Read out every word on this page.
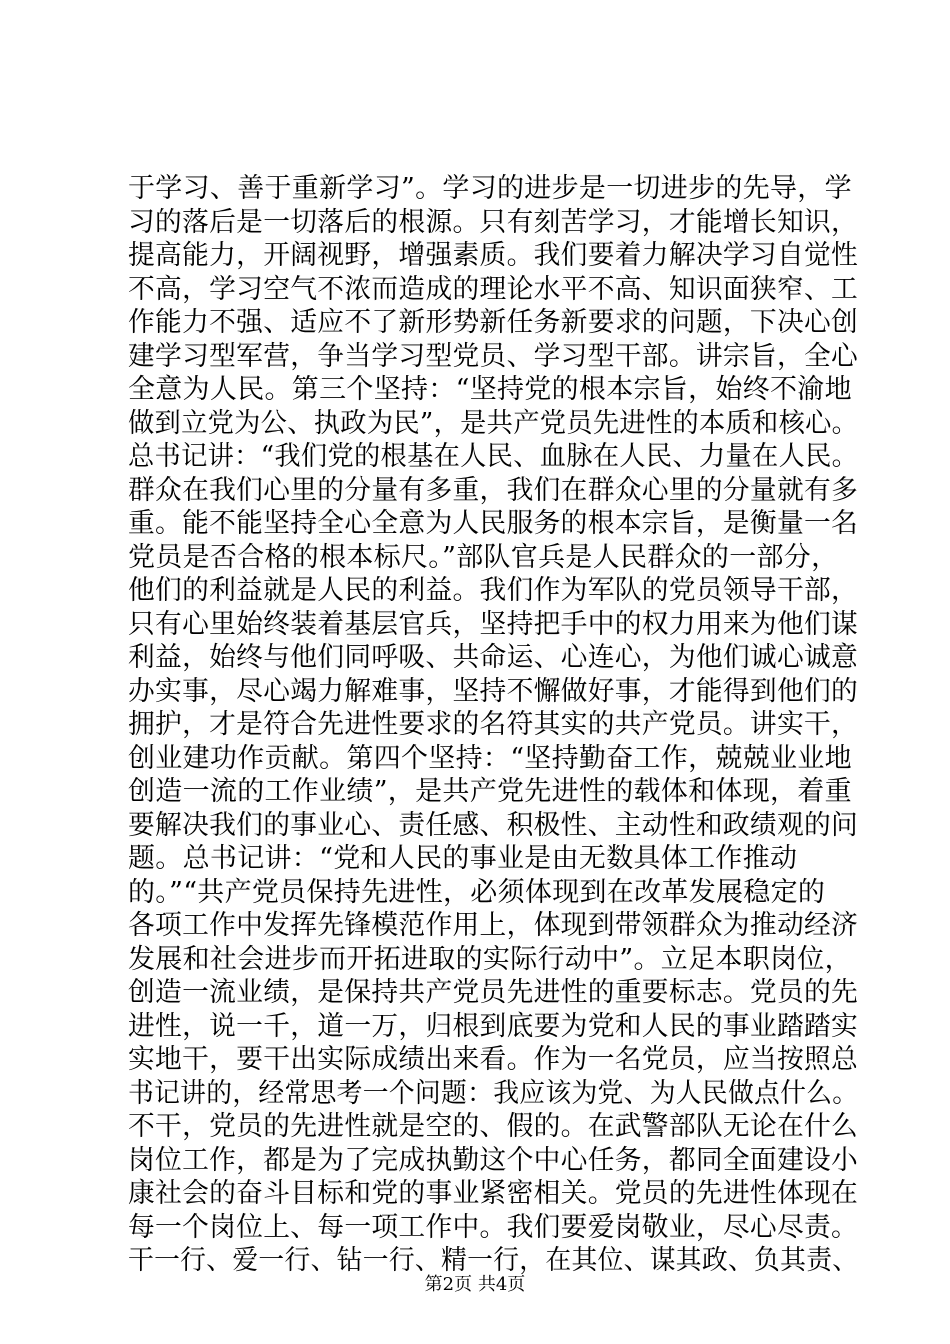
于学习、善于重新学习”。学习的进步是一切进步的先导，学
习的落后是一切落后的根源。只有刻苦学习，才能增长知识，
提高能力，开阔视野，增强素质。我们要着力解决学习自觉性
不高，学习空气不浓而造成的理论水平不高、知识面狭窄、工
作能力不强、适应不了新形势新任务新要求的问题，下决心创
建学习型军营，争当学习型党员、学习型干部。讲宗旨，全心
全意为人民。第三个坚持：“坚持党的根本宗旨，始终不渝地
做到立党为公、执政为民”，是共产党员先进性的本质和核心。
总书记讲：“我们党的根基在人民、血脉在人民、力量在人民。
群众在我们心里的分量有多重，我们在群众心里的分量就有多
重。能不能坚持全心全意为人民服务的根本宗旨，是衡量一名
党员是否合格的根本标尺。”部队官兵是人民群众的一部分，
他们的利益就是人民的利益。我们作为军队的党员领导干部，
只有心里始终装着基层官兵，坚持把手中的权力用来为他们谋
利益，始终与他们同呼吸、共命运、心连心，为他们诚心诚意
办实事，尽心竭力解难事，坚持不懈做好事，才能得到他们的
拥护，才是符合先进性要求的名符其实的共产党员。讲实干，
创业建功作贡献。第四个坚持：“坚持勤奋工作，兢兢业业地
创造一流的工作业绩”，是共产党先进性的载体和体现，着重
要解决我们的事业心、责任感、积极性、主动性和政绩观的问
题。总书记讲：“党和人民的事业是由无数具体工作推动
的。”“共产党员保持先进性，必须体现到在改革发展稳定的
各项工作中发挥先锋模范作用上，体现到带领群众为推动经济
发展和社会进步而开拓进取的实际行动中”。立足本职岗位，
创造一流业绩，是保持共产党员先进性的重要标志。党员的先
进性，说一千，道一万，归根到底要为党和人民的事业踏踏实
实地干，要干出实际成绩出来看。作为一名党员，应当按照总
书记讲的，经常思考一个问题：我应该为党、为人民做点什么。
不干，党员的先进性就是空的、假的。在武警部队无论在什么
岗位工作，都是为了完成执勤这个中心任务，都同全面建设小
康社会的奋斗目标和党的事业紧密相关。党员的先进性体现在
每一个岗位上、每一项工作中。我们要爱岗敬业，尽心尽责。
干一行、爱一行、钻一行、精一行，在其位、谋其政、负其责、
第2页 共4页
